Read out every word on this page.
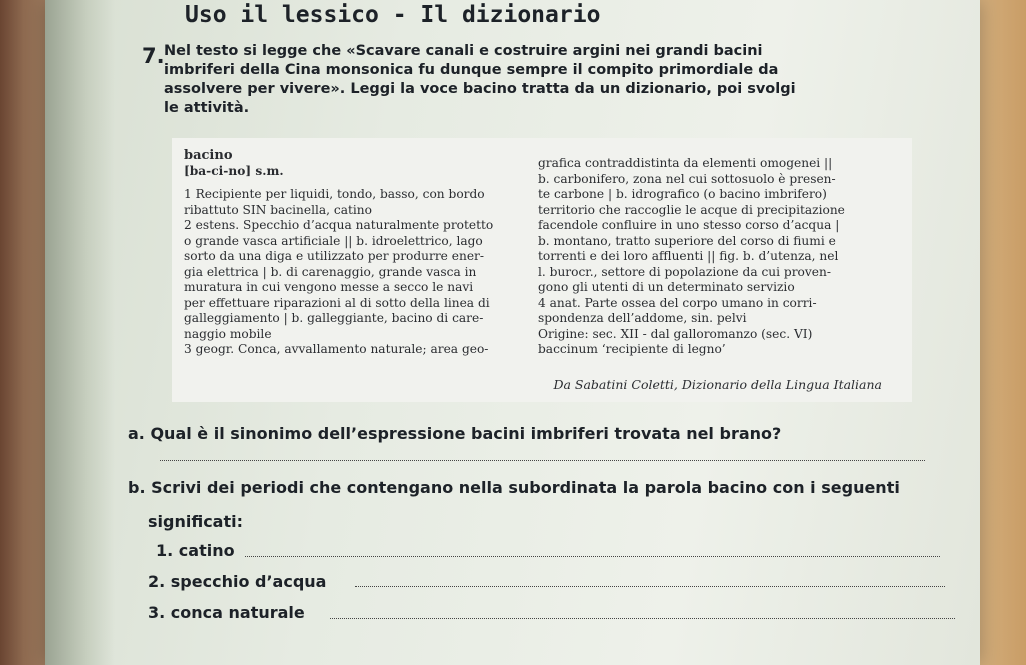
Uso il lessico - Il dizionario
7. Nel testo si legge che «Scavare canali e costruire argini nei grandi bacini
imbriferi della Cina monsonica fu dunque sempre il compito primordiale da
assolvere per vivere». Leggi la voce bacino tratta da un dizionario, poi svolgi
le attività.
bacino
[ba-ci-no] s.m.
1 Recipiente per liquidi, tondo, basso, con bordo
ribattuto SIN bacinella, catino
2 estens. Specchio d’acqua naturalmente protetto
o grande vasca artificiale || b. idroelettrico, lago
sorto da una diga e utilizzato per produrre ener-
gia elettrica | b. di carenaggio, grande vasca in
muratura in cui vengono messe a secco le navi
per effettuare riparazioni al di sotto della linea di
galleggiamento | b. galleggiante, bacino di care-
naggio mobile
3 geogr. Conca, avvallamento naturale; area geo-
grafica contraddistinta da elementi omogenei ||
b. carbonifero, zona nel cui sottosuolo è presen-
te carbone | b. idrografico (o bacino imbrifero)
territorio che raccoglie le acque di precipitazione
facendole confluire in uno stesso corso d’acqua |
b. montano, tratto superiore del corso di fiumi e
torrenti e dei loro affluenti || fig. b. d’utenza, nel
l. burocr., settore di popolazione da cui proven-
gono gli utenti di un determinato servizio
4 anat. Parte ossea del corpo umano in corri-
spondenza dell’addome, sin. pelvi
Origine: sec. XII - dal galloromanzo (sec. VI)
baccinum ‘recipiente di legno’
Da Sabatini Coletti, Dizionario della Lingua Italiana
a. Qual è il sinonimo dell’espressione bacini imbriferi trovata nel brano?
b. Scrivi dei periodi che contengano nella subordinata la parola bacino con i seguenti
significati:
1. catino
2. specchio d’acqua
3. conca naturale
